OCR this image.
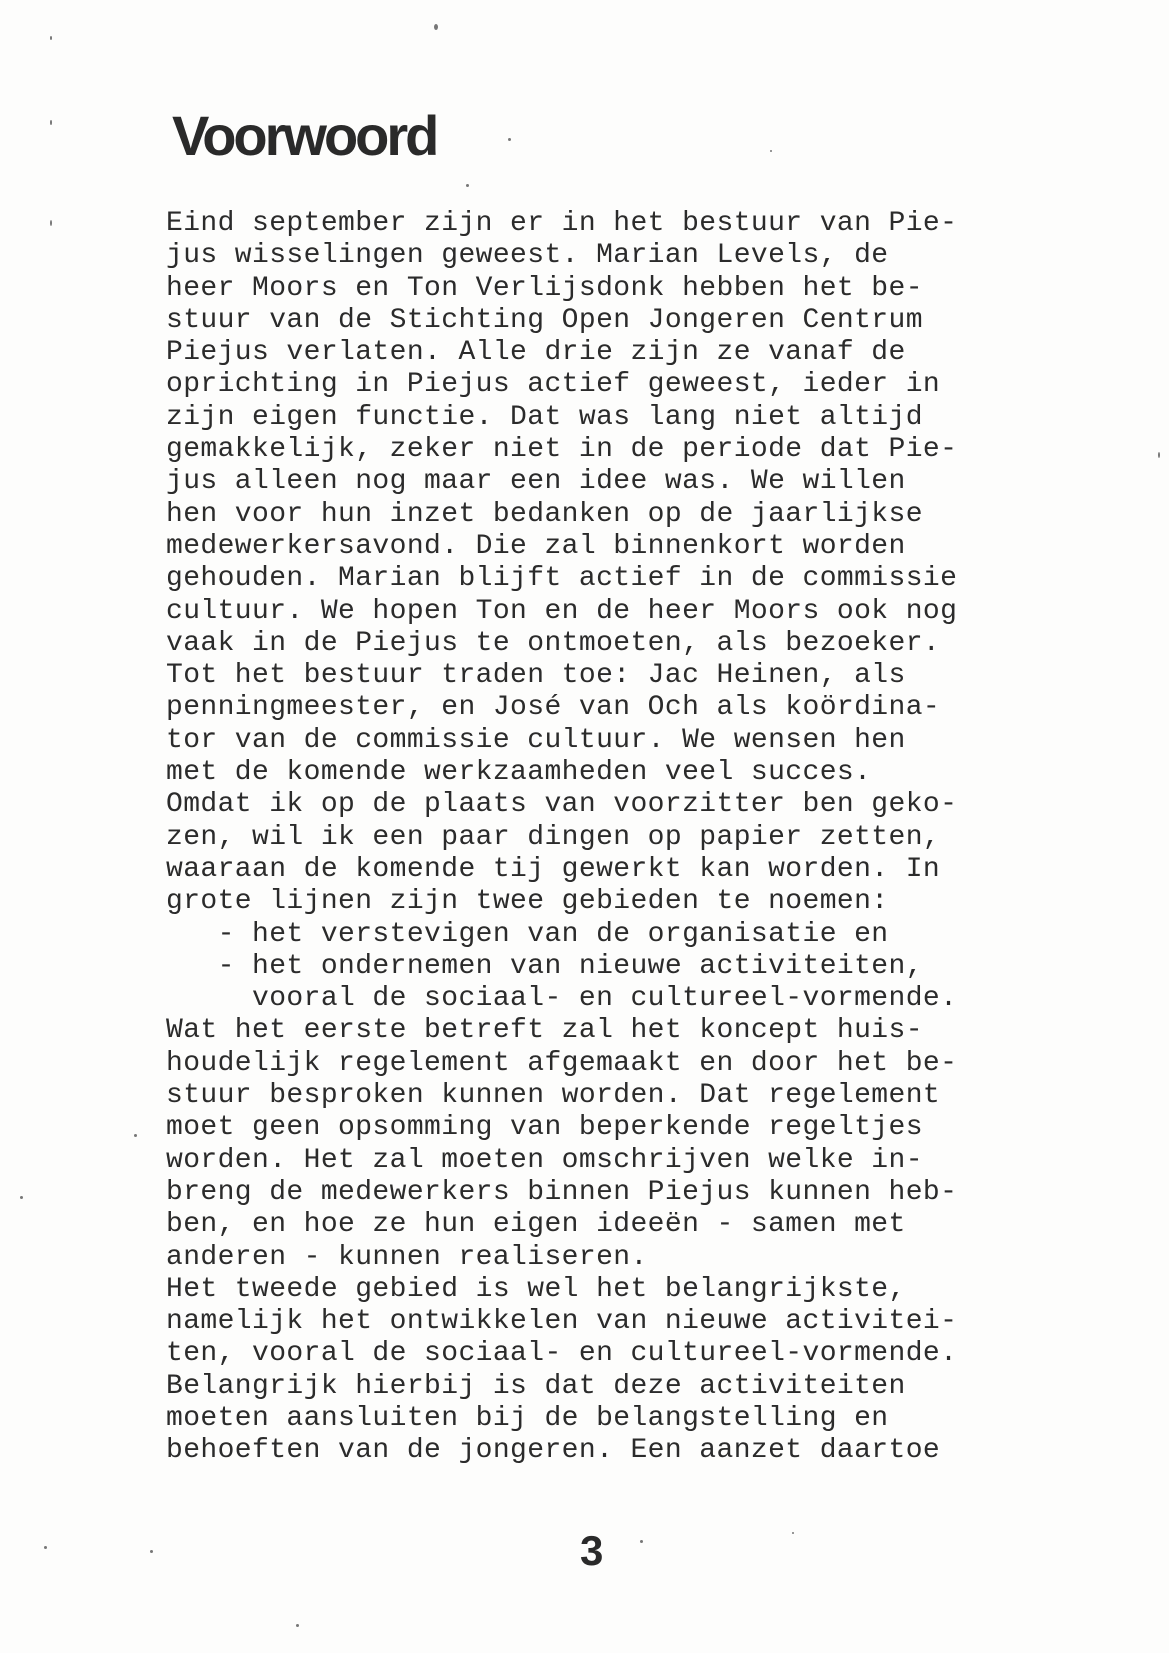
Voorwoord
Eind september zijn er in het bestuur van Pie-
jus wisselingen geweest. Marian Levels, de
heer Moors en Ton Verlijsdonk hebben het be-
stuur van de Stichting Open Jongeren Centrum
Piejus verlaten. Alle drie zijn ze vanaf de
oprichting in Piejus actief geweest, ieder in
zijn eigen functie. Dat was lang niet altijd
gemakkelijk, zeker niet in de periode dat Pie-
jus alleen nog maar een idee was. We willen
hen voor hun inzet bedanken op de jaarlijkse
medewerkersavond. Die zal binnenkort worden
gehouden. Marian blijft actief in de commissie
cultuur. We hopen Ton en de heer Moors ook nog
vaak in de Piejus te ontmoeten, als bezoeker.
Tot het bestuur traden toe: Jac Heinen, als
penningmeester, en José van Och als koördina-
tor van de commissie cultuur. We wensen hen
met de komende werkzaamheden veel succes.
Omdat ik op de plaats van voorzitter ben geko-
zen, wil ik een paar dingen op papier zetten,
waaraan de komende tij gewerkt kan worden. In
grote lijnen zijn twee gebieden te noemen:
- het verstevigen van de organisatie en
- het ondernemen van nieuwe activiteiten,
vooral de sociaal- en cultureel-vormende.
Wat het eerste betreft zal het koncept huis-
houdelijk regelement afgemaakt en door het be-
stuur besproken kunnen worden. Dat regelement
moet geen opsomming van beperkende regeltjes
worden. Het zal moeten omschrijven welke in-
breng de medewerkers binnen Piejus kunnen heb-
ben, en hoe ze hun eigen ideeën - samen met
anderen - kunnen realiseren.
Het tweede gebied is wel het belangrijkste,
namelijk het ontwikkelen van nieuwe activitei-
ten, vooral de sociaal- en cultureel-vormende.
Belangrijk hierbij is dat deze activiteiten
moeten aansluiten bij de belangstelling en
behoeften van de jongeren. Een aanzet daartoe
3
